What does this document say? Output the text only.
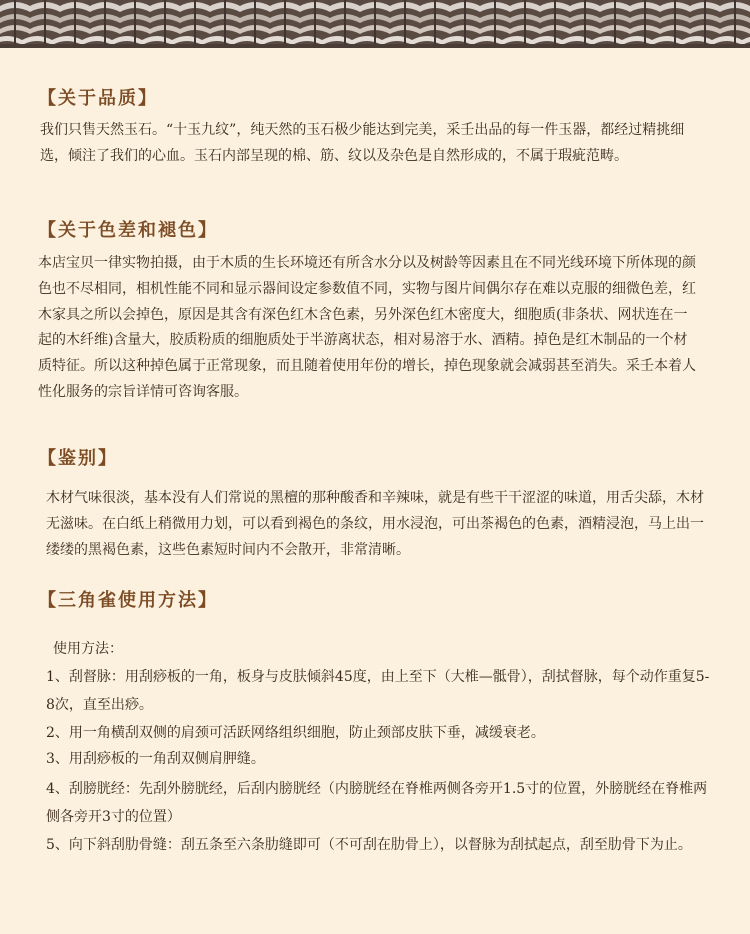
【关于品质】

我们只售天然玉石。“十玉九纹”，纯天然的玉石极少能达到完美，采壬出品的每一件玉器，都经过精挑细选，倾注了我们的心血。玉石内部呈现的棉、筋、纹以及杂色是自然形成的，不属于瑕疵范畴。

【关于色差和褪色】

本店宝贝一律实物拍摄，由于木质的生长环境还有所含水分以及树龄等因素且在不同光线环境下所体现的颜色也不尽相同，相机性能不同和显示器间设定参数值不同，实物与图片间偶尔存在难以克服的细微色差，红木家具之所以会掉色，原因是其含有深色红木含色素，另外深色红木密度大，细胞质(非条状、网状连在一起的木纤维)含量大，胶质粉质的细胞质处于半游离状态，相对易溶于水、酒精。掉色是红木制品的一个材质特征。所以这种掉色属于正常现象，而且随着使用年份的增长，掉色现象就会减弱甚至消失。采壬本着人性化服务的宗旨详情可咨询客服。

【鉴别】

木材气味很淡，基本没有人们常说的黑檀的那种酸香和辛辣味，就是有些干干涩涩的味道，用舌尖舔，木材无滋味。在白纸上稍微用力划，可以看到褐色的条纹，用水浸泡，可出茶褐色的色素，酒精浸泡，马上出一缕缕的黑褐色素，这些色素短时间内不会散开，非常清晰。

【三角雀使用方法】

使用方法：

1、刮督脉：用刮痧板的一角，板身与皮肤倾斜45度，由上至下（大椎—骶骨），刮拭督脉，每个动作重复5-8次，直至出痧。

2、用一角横刮双侧的肩颈可活跃网络组织细胞，防止颈部皮肤下垂，减缓衰老。

3、用刮痧板的一角刮双侧肩胛缝。

4、刮膀胱经：先刮外膀胱经，后刮内膀胱经（内膀胱经在脊椎两侧各旁开1.5寸的位置，外膀胱经在脊椎两侧各旁开3寸的位置）

5、向下斜刮肋骨缝：刮五条至六条肋缝即可（不可刮在肋骨上），以督脉为刮拭起点，刮至肋骨下为止。
